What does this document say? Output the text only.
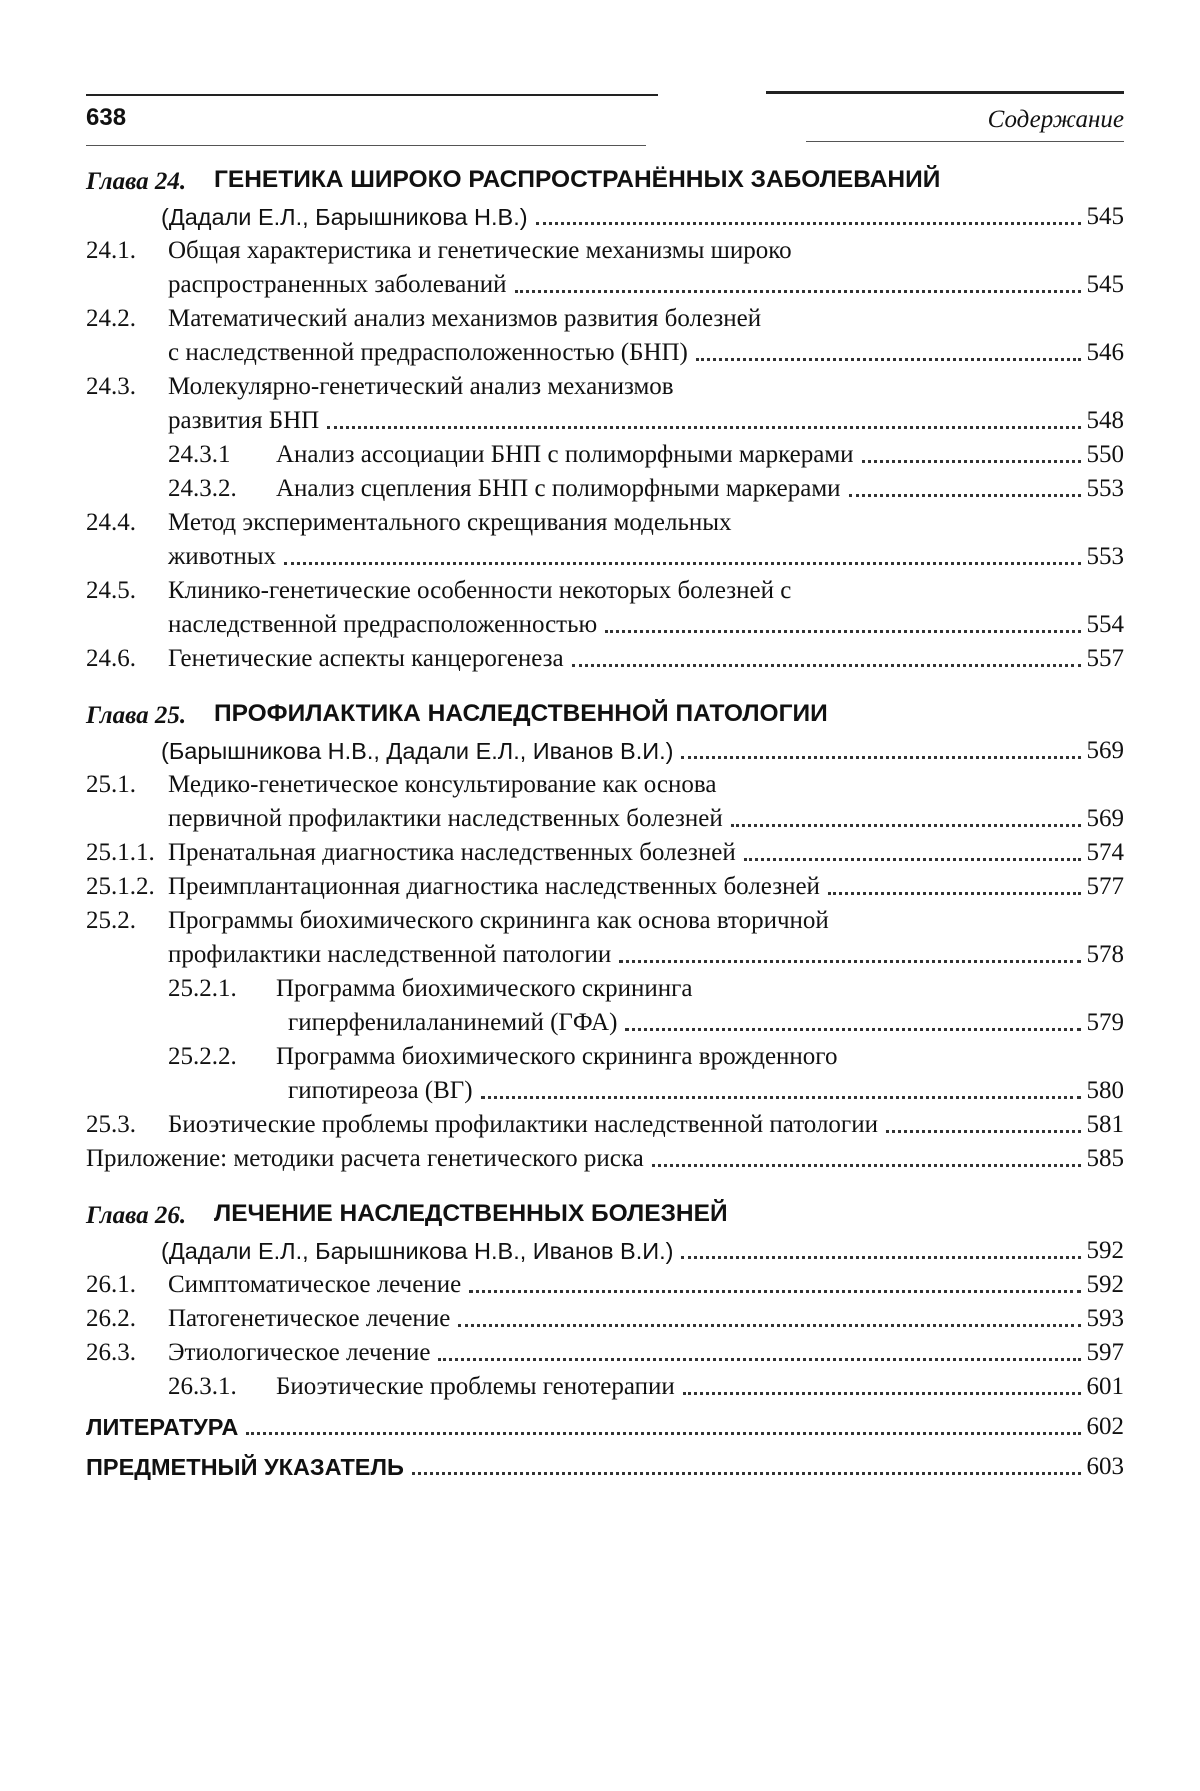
638	Содержание
Глава 24. ГЕНЕТИКА ШИРОКО РАСПРОСТРАНЁННЫХ ЗАБОЛЕВАНИЙ
(Дадали Е.Л., Барышникова Н.В.)	545
24.1. Общая характеристика и генетические механизмы широко
распространенных заболеваний	545
24.2. Математический анализ механизмов развития болезней
с наследственной предрасположенностью (БНП)	546
24.3. Молекулярно-генетический анализ механизмов
развития БНП	548
24.3.1 Анализ ассоциации БНП с полиморфными маркерами	550
24.3.2. Анализ сцепления БНП с полиморфными маркерами	553
24.4. Метод экспериментального скрещивания модельных
животных	553
24.5. Клинико-генетические особенности некоторых болезней с
наследственной предрасположенностью	554
24.6. Генетические аспекты канцерогенеза	557
Глава 25. ПРОФИЛАКТИКА НАСЛЕДСТВЕННОЙ ПАТОЛОГИИ
(Барышникова Н.В., Дадали Е.Л., Иванов В.И.)	569
25.1. Медико-генетическое консультирование как основа
первичной профилактики наследственных болезней	569
25.1.1. Пренатальная диагностика наследственных болезней	574
25.1.2. Преимплантационная диагностика наследственных болезней	577
25.2. Программы биохимического скрининга как основа вторичной
профилактики наследственной патологии	578
25.2.1. Программа биохимического скрининга
гиперфенилаланинемий (ГФА)	579
25.2.2. Программа биохимического скрининга врожденного
гипотиреоза (ВГ)	580
25.3. Биоэтические проблемы профилактики наследственной патологии	581
Приложение: методики расчета генетического риска	585
Глава 26. ЛЕЧЕНИЕ НАСЛЕДСТВЕННЫХ БОЛЕЗНЕЙ
(Дадали Е.Л., Барышникова Н.В., Иванов В.И.)	592
26.1. Симптоматическое лечение	592
26.2. Патогенетическое лечение	593
26.3. Этиологическое лечение	597
26.3.1. Биоэтические проблемы генотерапии	601
ЛИТЕРАТУРА	602
ПРЕДМЕТНЫЙ УКАЗАТЕЛЬ	603
